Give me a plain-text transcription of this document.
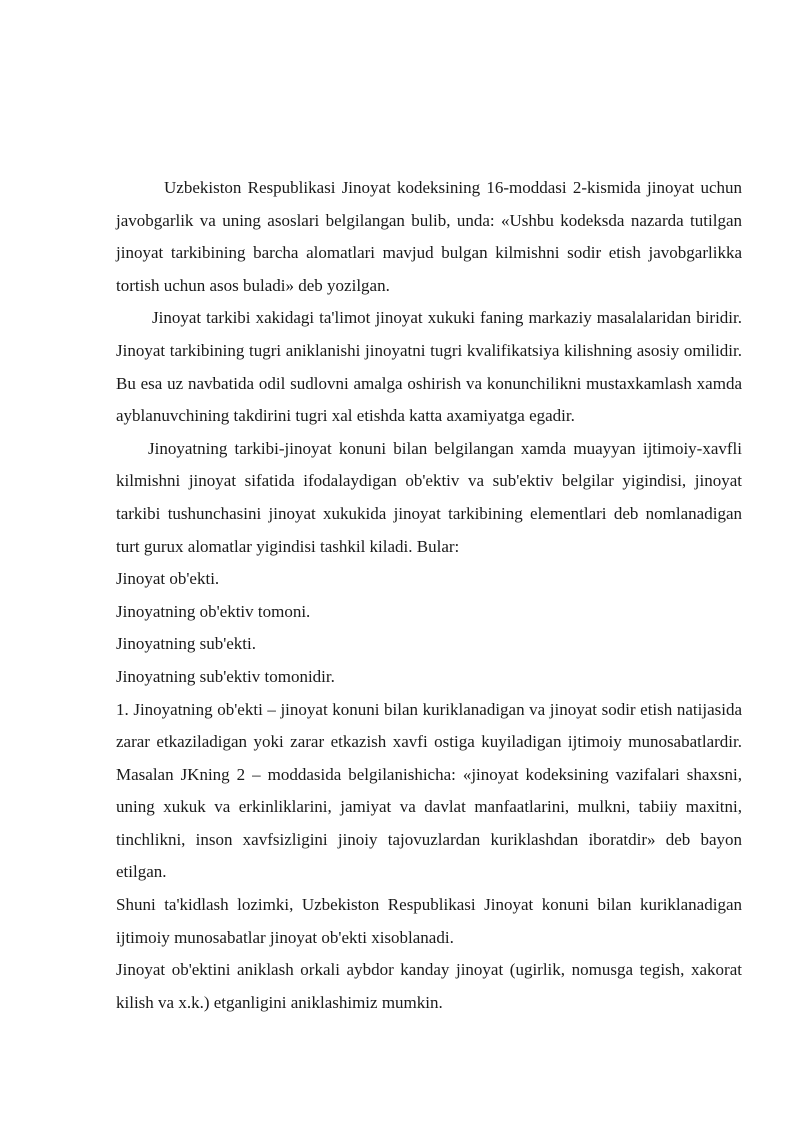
Uzbekiston Respublikasi Jinoyat kodeksining 16-moddasi 2-kismida jinoyat uchun javobgarlik va uning asoslari belgilangan bulib, unda: «Ushbu kodeksda nazarda tutilgan jinoyat tarkibining barcha alomatlari mavjud bulgan kilmishni sodir etish javobgarlikka tortish uchun asos buladi» deb yozilgan.

Jinoyat tarkibi xakidagi ta'limot jinoyat xukuki faning markaziy masalalaridan biridir. Jinoyat tarkibining tugri aniklanishi jinoyatni tugri kvalifikatsiya kilishning asosiy omilidir. Bu esa uz navbatida odil sudlovni amalga oshirish va konunchilikni mustaxkamlash xamda ayblanuvchining takdirini tugri xal etishda katta axamiyatga egadir.

Jinoyatning tarkibi-jinoyat konuni bilan belgilangan xamda muayyan ijtimoiy-xavfli kilmishni jinoyat sifatida ifodalaydigan ob'ektiv va sub'ektiv belgilar yigindisi, jinoyat tarkibi tushunchasini jinoyat xukukida jinoyat tarkibining elementlari deb nomlanadigan turt gurux alomatlar yigindisi tashkil kiladi. Bular:

Jinoyat ob'ekti.

Jinoyatning ob'ektiv tomoni.

Jinoyatning sub'ekti.

Jinoyatning sub'ektiv tomonidir.

1. Jinoyatning ob'ekti – jinoyat konuni bilan kuriklanadigan va jinoyat sodir etish natijasida zarar etkaziladigan yoki zarar etkazish xavfi ostiga kuyiladigan ijtimoiy munosabatlardir. Masalan JKning 2 – moddasida belgilanishicha: «jinoyat kodeksining vazifalari shaxsni, uning xukuk va erkinliklarini, jamiyat va davlat manfaatlarini, mulkni, tabiiy maxitni, tinchlikni, inson xavfsizligini jinoiy tajovuzlardan kuriklashdan iboratdir» deb bayon etilgan.

Shuni ta'kidlash lozimki, Uzbekiston Respublikasi Jinoyat konuni bilan kuriklanadigan ijtimoiy munosabatlar jinoyat ob'ekti xisoblanadi.

Jinoyat ob'ektini aniklash orkali aybdor kanday jinoyat (ugirlik, nomusga tegish, xakorat kilish va x.k.) etganligini aniklashimiz mumkin.
